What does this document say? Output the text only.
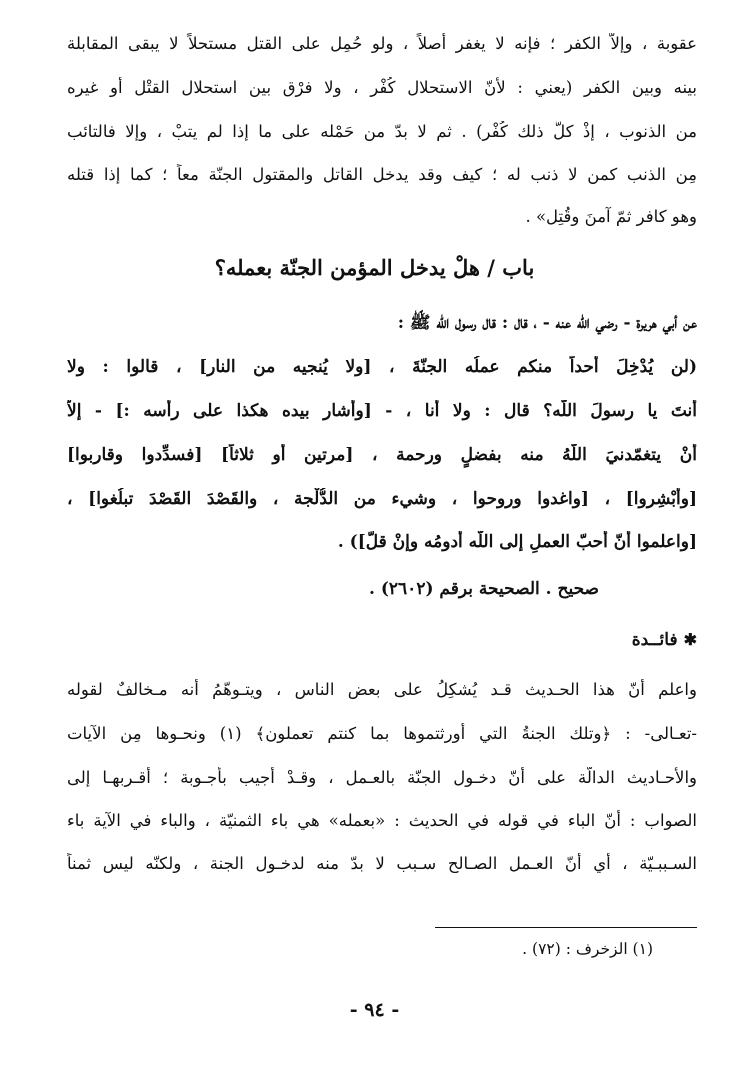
عقوبة ، وإلاّ الكفر ؛ فإنه لا يغفر أصلاً ، ولو حُمِل على القتل مستحلاً لا يبقى المقابلة
بينه وبين الكفر (يعني : لأنّ الاستحلال كُفْر ، ولا فرْق بين استحلال القتْل أو غيره
من الذنوب ، إذْ كلُّ ذلك كُفْر) . ثم لا بدّ من حَمْله على ما إذا لم يتبْ ، وإلا فالتائب
مِن الذنب كمن لا ذنب له ؛ كيف وقد يدخل القاتل والمقتول الجنّة معاً ؛ كما إذا قتله
وهو كافر ثمّ آمنَ وقُتِل» .
باب / هلْ يدخل المؤمن الجنّة بعمله؟
عن أبي هريرة - رضي الله عنه - ، قال : قال رسول الله ﷺ :
(لن يُدْخِلَ أحداً منكم عملُه الجنّةَ ، [ولا يُنجيه من النار] ، قالوا : ولا
أنتَ يا رسولَ اللّه؟ قال : ولا أنا ، - [وأشار بيده هكذا على رأسه :] - إلاّ
أنْ يتغمّدنيَ اللّهُ منه بفضلٍ ورحمة ، [مرتين أو ثلاثاً] [فسدِّدوا وقاربوا]
[وأبْشِروا] ، [واغدوا وروحوا ، وشيء من الدُّلْجة ، والقَصْدَ القَصْدَ تبلُغوا] ،
[واعلموا أنّ أحبّ العملِ إلى اللّه أدومُه وإنْ قلّ]) .
صحيح . الصحيحة برقم (٢٦٠٢) .
✱فائــدة
واعلم أنّ هذا الحـديث قـد يُشكِلُ على بعض الناس ، ويتـوهّمُ أنه مـخالفٌ لقوله
-تعـالى- : ﴿وتلك الجنةُ التي أورثتموها بما كنتم تعملون﴾ (١) ونحـوها مِن الآيات
والأحـاديث الدالّة على أنّ دخـول الجنّة بالعـمل ، وقـدْ أجيب بأجـوبة ؛ أقـربهـا إلى
الصواب : أنّ الباء في قوله في الحديث : «بعمله» هي باء الثمنيّة ، والباء في الآية باء
السـببـيّة ، أي أنّ العـمل الصـالح سـبب لا بدّ منه لدخـول الجنة ، ولكنّه ليس ثمناً
(١) الزخرف : (٧٢) .
- ٩٤ -
